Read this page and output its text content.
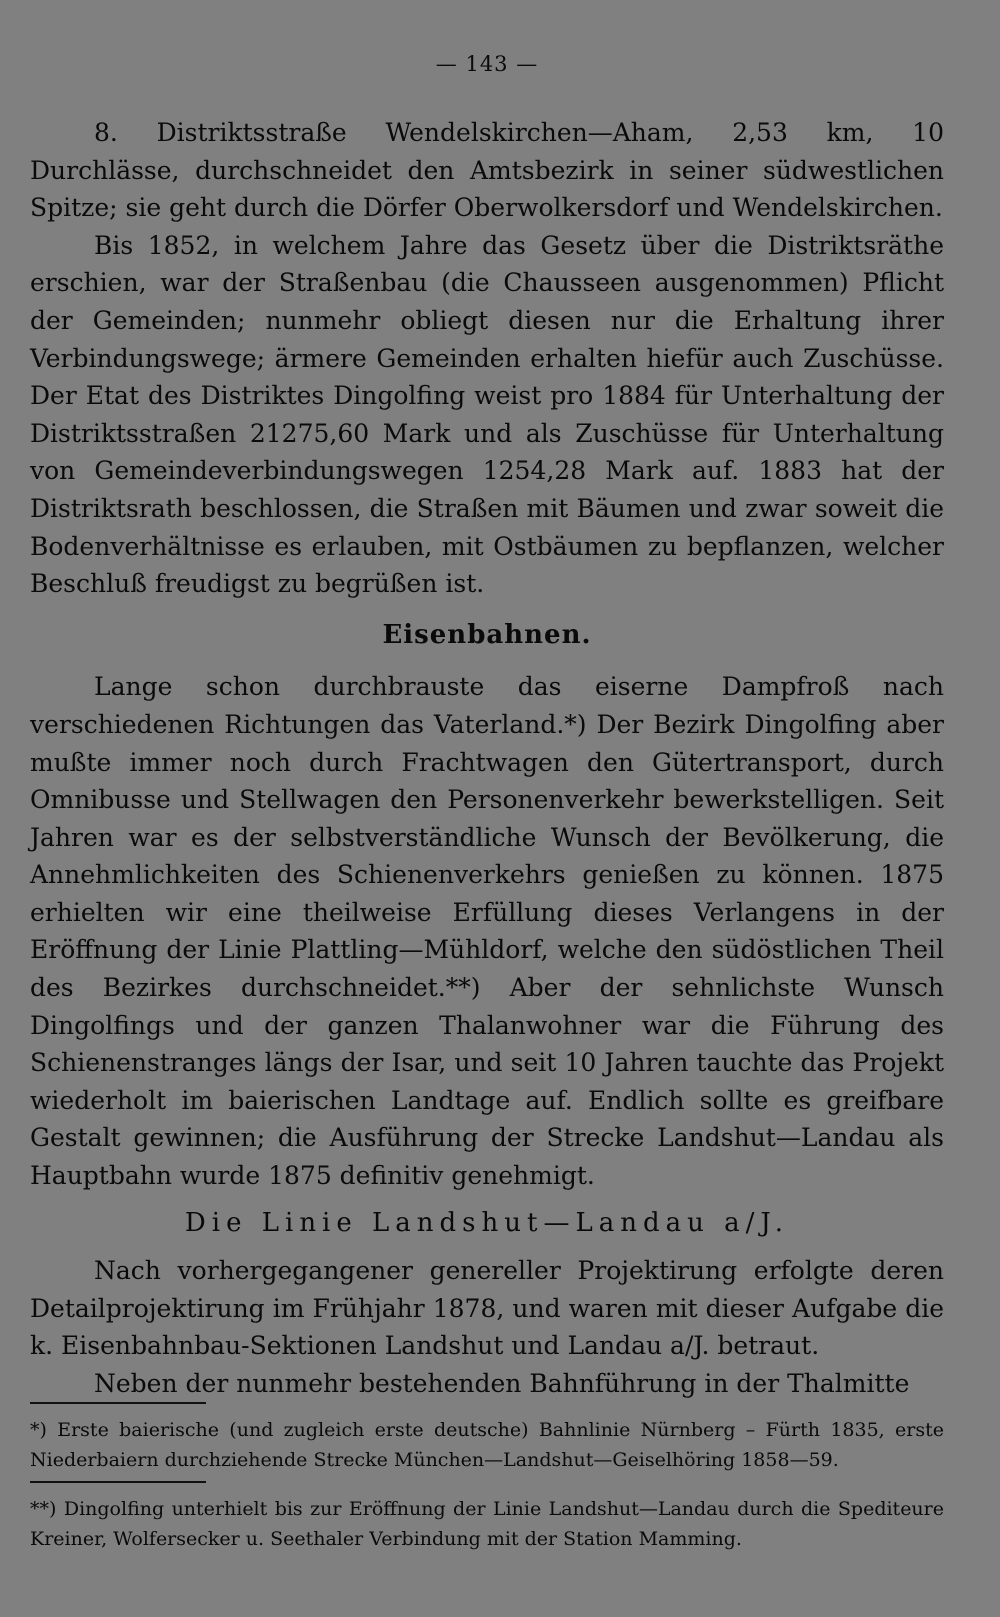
— 143 —

8. Distriktsstraße Wendelskirchen—Aham, 2,53 km, 10 Durchlässe, durchschneidet den Amtsbezirk in seiner südwestlichen Spitze; sie geht durch die Dörfer Oberwolkersdorf und Wendelskirchen.

Bis 1852, in welchem Jahre das Gesetz über die Distriktsräthe erschien, war der Straßenbau (die Chausseen ausgenommen) Pflicht der Gemeinden; nunmehr obliegt diesen nur die Erhaltung ihrer Verbindungswege; ärmere Gemeinden erhalten hiefür auch Zuschüsse. Der Etat des Distriktes Dingolfing weist pro 1884 für Unterhaltung der Distriktsstraßen 21275,60 Mark und als Zuschüsse für Unterhaltung von Gemeindeverbindungswegen 1254,28 Mark auf. 1883 hat der Distriktsrath beschlossen, die Straßen mit Bäumen und zwar soweit die Bodenverhältnisse es erlauben, mit Ostbäumen zu bepflanzen, welcher Beschluß freudigst zu begrüßen ist.

Eisenbahnen.

Lange schon durchbrauste das eiserne Dampfroß nach verschiedenen Richtungen das Vaterland.*) Der Bezirk Dingolfing aber mußte immer noch durch Frachtwagen den Gütertransport, durch Omnibusse und Stellwagen den Personenverkehr bewerkstelligen. Seit Jahren war es der selbstverständliche Wunsch der Bevölkerung, die Annehmlichkeiten des Schienenverkehrs genießen zu können. 1875 erhielten wir eine theilweise Erfüllung dieses Verlangens in der Eröffnung der Linie Plattling—Mühldorf, welche den südöstlichen Theil des Bezirkes durchschneidet.**) Aber der sehnlichste Wunsch Dingolfings und der ganzen Thalanwohner war die Führung des Schienenstranges längs der Isar, und seit 10 Jahren tauchte das Projekt wiederholt im baierischen Landtage auf. Endlich sollte es greifbare Gestalt gewinnen; die Ausführung der Strecke Landshut—Landau als Hauptbahn wurde 1875 definitiv genehmigt.

Die Linie Landshut—Landau a/J.

Nach vorhergegangener genereller Projektirung erfolgte deren Detailprojektirung im Frühjahr 1878, und waren mit dieser Aufgabe die k. Eisenbahnbau-Sektionen Landshut und Landau a/J. betraut.

Neben der nunmehr bestehenden Bahnführung in der Thalmitte

*) Erste baierische (und zugleich erste deutsche) Bahnlinie Nürnberg – Fürth 1835, erste Niederbaiern durchziehende Strecke München—Landshut—Geiselhöring 1858—59.

**) Dingolfing unterhielt bis zur Eröffnung der Linie Landshut—Landau durch die Spediteure Kreiner, Wolfersecker u. Seethaler Verbindung mit der Station Mamming.
